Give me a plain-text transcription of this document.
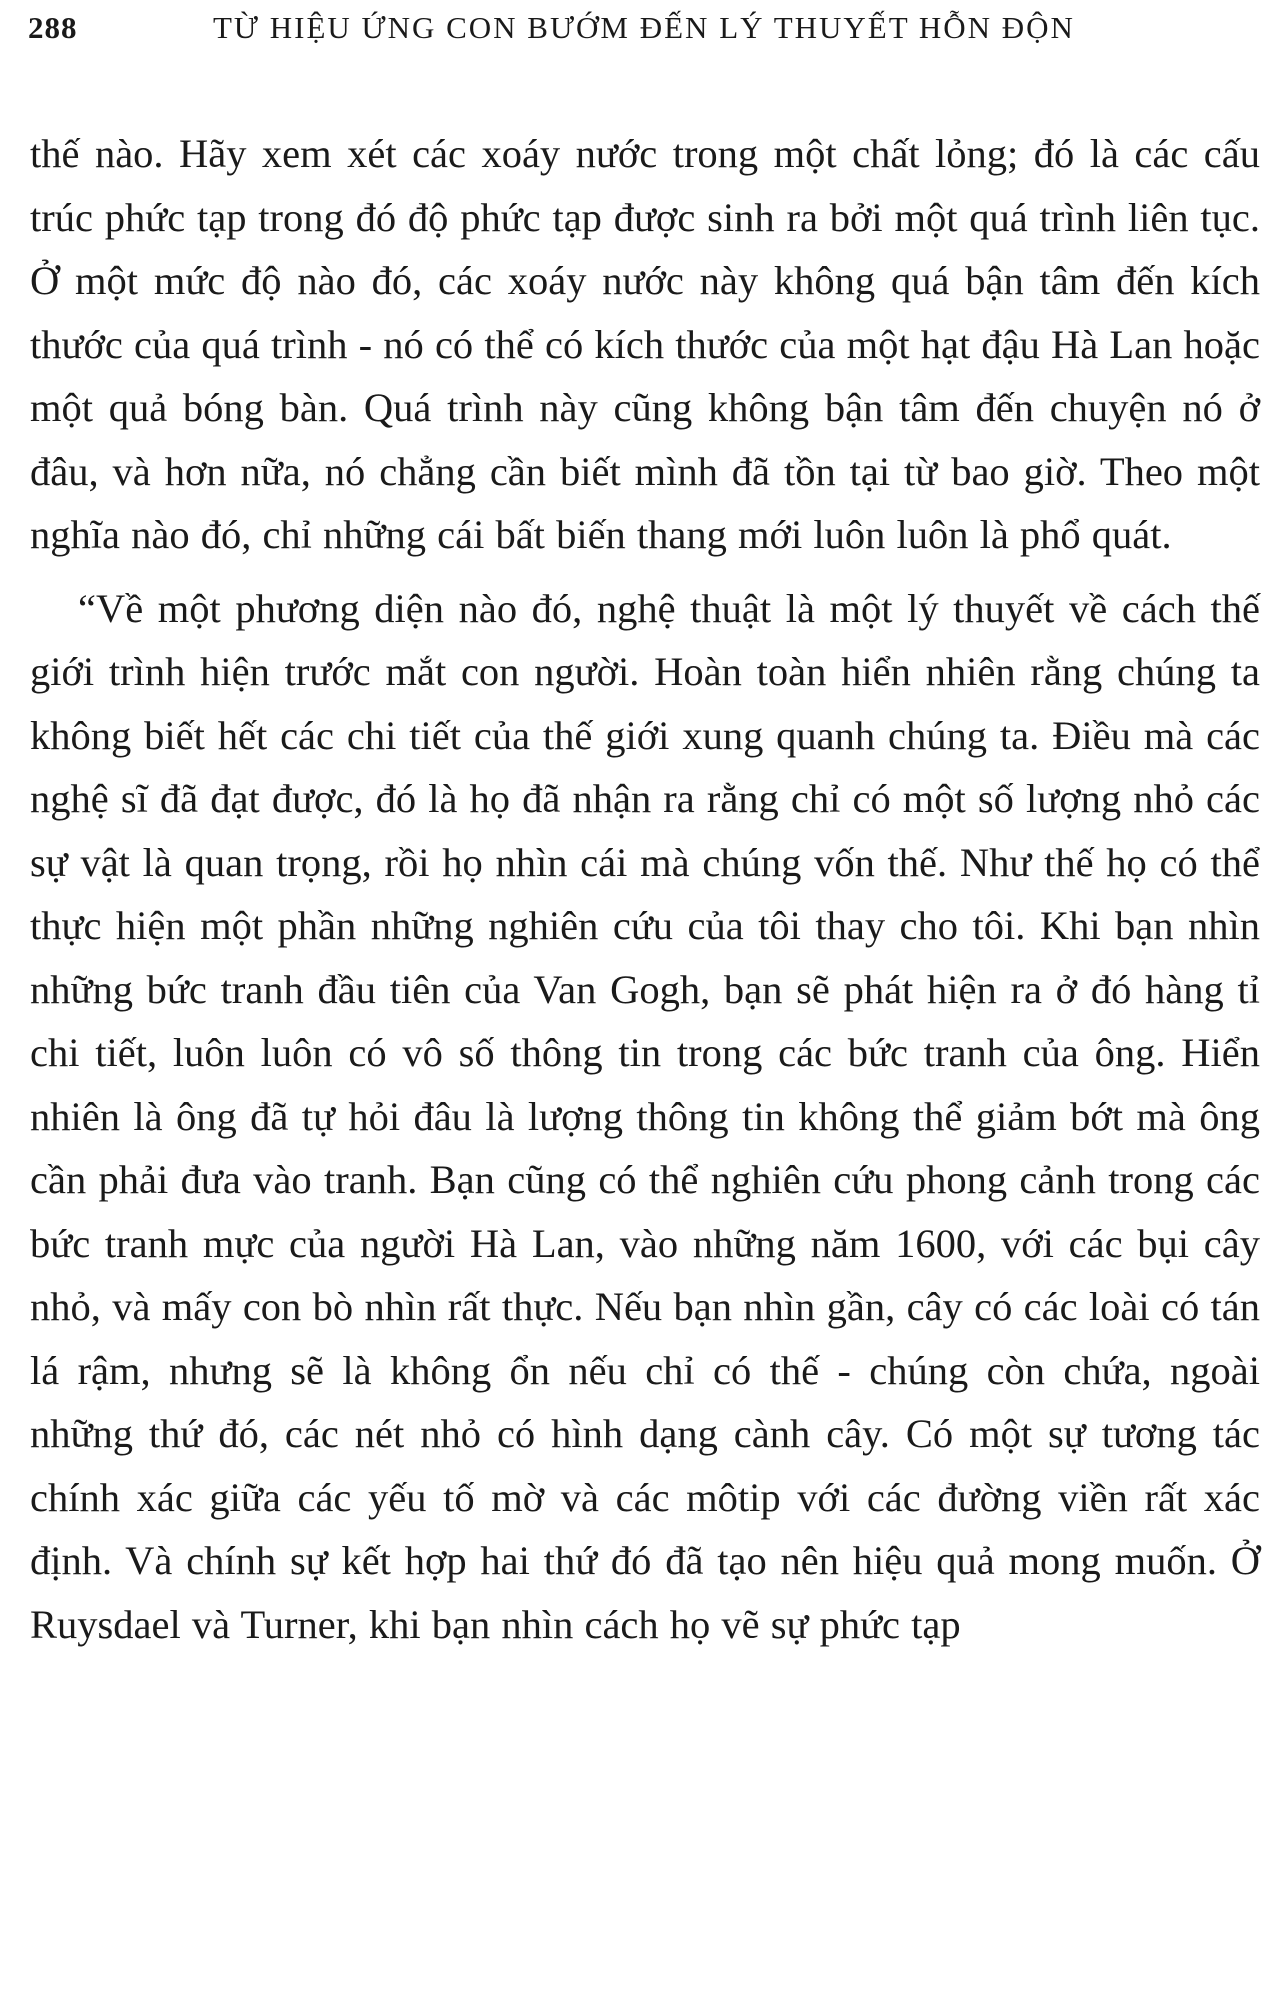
288	TỪ HIỆU ỨNG CON BƯỚM ĐẾN LÝ THUYẾT HỖN ĐỘN

thế nào. Hãy xem xét các xoáy nước trong một chất lỏng; đó là các cấu trúc phức tạp trong đó độ phức tạp được sinh ra bởi một quá trình liên tục. Ở một mức độ nào đó, các xoáy nước này không quá bận tâm đến kích thước của quá trình - nó có thể có kích thước của một hạt đậu Hà Lan hoặc một quả bóng bàn. Quá trình này cũng không bận tâm đến chuyện nó ở đâu, và hơn nữa, nó chẳng cần biết mình đã tồn tại từ bao giờ. Theo một nghĩa nào đó, chỉ những cái bất biến thang mới luôn luôn là phổ quát.

“Về một phương diện nào đó, nghệ thuật là một lý thuyết về cách thế giới trình hiện trước mắt con người. Hoàn toàn hiển nhiên rằng chúng ta không biết hết các chi tiết của thế giới xung quanh chúng ta. Điều mà các nghệ sĩ đã đạt được, đó là họ đã nhận ra rằng chỉ có một số lượng nhỏ các sự vật là quan trọng, rồi họ nhìn cái mà chúng vốn thế. Như thế họ có thể thực hiện một phần những nghiên cứu của tôi thay cho tôi. Khi bạn nhìn những bức tranh đầu tiên của Van Gogh, bạn sẽ phát hiện ra ở đó hàng tỉ chi tiết, luôn luôn có vô số thông tin trong các bức tranh của ông. Hiển nhiên là ông đã tự hỏi đâu là lượng thông tin không thể giảm bớt mà ông cần phải đưa vào tranh. Bạn cũng có thể nghiên cứu phong cảnh trong các bức tranh mực của người Hà Lan, vào những năm 1600, với các bụi cây nhỏ, và mấy con bò nhìn rất thực. Nếu bạn nhìn gần, cây có các loài có tán lá rậm, nhưng sẽ là không ổn nếu chỉ có thế - chúng còn chứa, ngoài những thứ đó, các nét nhỏ có hình dạng cành cây. Có một sự tương tác chính xác giữa các yếu tố mờ và các môtip với các đường viền rất xác định. Và chính sự kết hợp hai thứ đó đã tạo nên hiệu quả mong muốn. Ở Ruysdael và Turner, khi bạn nhìn cách họ vẽ sự phức tạp
